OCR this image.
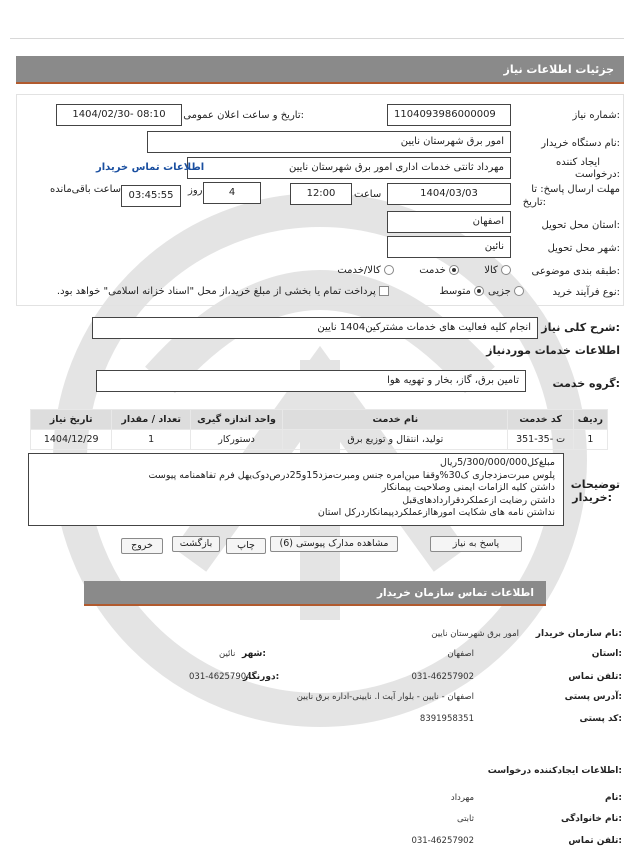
جزئیات اطلاعات نیاز
شماره نیاز:
1104093986000009
تاریخ و ساعت اعلان عمومی:
1404/02/30- 08:10
نام دستگاه خریدار:
امور برق شهرستان نایین
ایجاد کننده
درخواست:
مهرداد ثانتی خدمات اداری امور برق شهرستان نایین
اطلاعات تماس خریدار
مهلت ارسال پاسخ: تا
تاریخ:
1404/03/03
ساعت
12:00
روز	4
03:45:55
ساعت باقی‌مانده
استان محل تحویل:
اصفهان
شهر محل تحویل:
نائین
طبقه بندی موضوعی:
کالا
خدمت
کالا/خدمت
نوع فرآیند خرید:
جزیی
متوسط
پرداخت تمام یا بخشی از مبلغ خرید،از محل "اسناد خزانه اسلامی" خواهد بود.
شرح کلی نیاز:
انجام کلیه فعالیت های خدمات مشترکین1404 نایین
اطلاعات خدمات موردنیاز
گروه خدمت:
تامین برق، گاز، بخار و تهویه هوا
ردیف	کد خدمت	نام خدمت	واحد اندازه گیری	تعداد / مقدار	تاریخ نیاز
1	ت -35-351	تولید، انتقال و توزیع برق	دستورکار	1	1404/12/29
توضیحات
خریدار:
مبلغ‌کل5/300/000/000ریال
پلوس مبرت‌مزدجاری ک30%‌وقفا مین‌امره جنس ومبرت‌مزد15و25درص‌دوک‌یهل فرم تفاهمنامه پیوست
داشتن کلیه الزامات ایمنی وصلاحیت پیمانکار
داشتن رضایت ازعملکردقراردادهای‌قبل
نداشتن نامه های شکایت امورهاازعملکردپیمانکاردرکل استان
پاسخ به نیاز
مشاهده مدارک پیوستی (6)
چاپ
بازگشت
خروج
اطلاعات تماس سازمان خریدار
نام سازمان خریدار:
امور برق شهرستان نایین
استان:
اصفهان
شهر:
نائین
تلفن تماس:
031-46257902
دورنگار:
031-46257904
آدرس پستی:
اصفهان - نایین - بلوار آیت ا. نایینی-اداره برق نایین
کد پستی:
8391958351
اطلاعات ایجادکننده درخواست:
نام:
مهرداد
نام خانوادگی:
ثابتی
تلفن تماس:
031-46257902
